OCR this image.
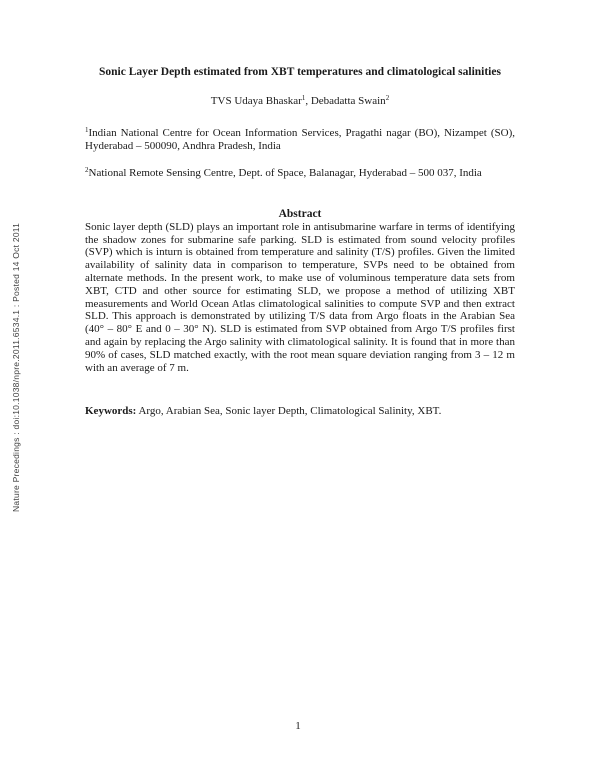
Nature Precedings : doi:10.1038/npre.2011.6534.1 : Posted 14 Oct 2011
Sonic Layer Depth estimated from XBT temperatures and climatological salinities
TVS Udaya Bhaskar$^1$, Debadatta Swain$^2$

$^1$Indian National Centre for Ocean Information Services, Pragathi nagar (BO), Nizampet (SO), Hyderabad – 500090, Andhra Pradesh, India

$^2$National Remote Sensing Centre, Dept. of Space, Balanagar, Hyderabad – 500 037, India

Abstract

Sonic layer depth (SLD) plays an important role in antisubmarine warfare in terms of identifying the shadow zones for submarine safe parking. SLD is estimated from sound velocity profiles (SVP) which is inturn is obtained from temperature and salinity (T/S) profiles. Given the limited availability of salinity data in comparison to temperature, SVPs need to be obtained from alternate methods. In the present work, to make use of voluminous temperature data sets from XBT, CTD and other source for estimating SLD, we propose a method of utilizing XBT measurements and World Ocean Atlas climatological salinities to compute SVP and then extract SLD. This approach is demonstrated by utilizing T/S data from Argo floats in the Arabian Sea (40° – 80° E and 0 – 30° N). SLD is estimated from SVP obtained from Argo T/S profiles first and again by replacing the Argo salinity with climatological salinity. It is found that in more than 90% of cases, SLD matched exactly, with the root mean square deviation ranging from 3 – 12 m with an average of 7 m.

Keywords: Argo, Arabian Sea, Sonic layer Depth, Climatological Salinity, XBT.

1
